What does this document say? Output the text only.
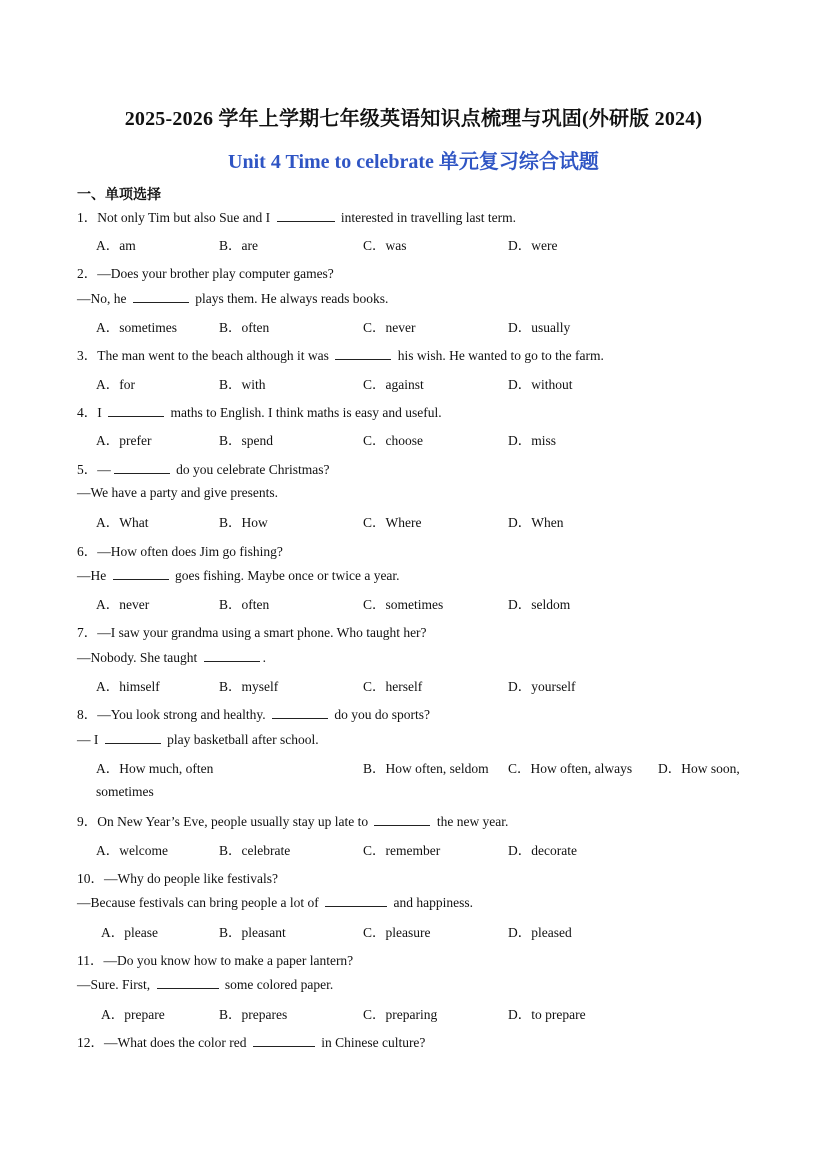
2025-2026 学年上学期七年级英语知识点梳理与巩固(外研版 2024)
Unit 4 Time to celebrate 单元复习综合试题
一、单项选择
1．Not only Tim but also Sue and I	interested in travelling last term.
A．am	B．are	C．was	D．were
2．—Does your brother play computer games?
—No, he	plays them. He always reads books.
A．sometimes	B．often	C．never	D．usually
3．The man went to the beach although it was	his wish. He wanted to go to the farm.
A．for	B．with	C．against	D．without
4．I	maths to English. I think maths is easy and useful.
A．prefer	B．spend	C．choose	D．miss
5．—	do you celebrate Christmas?
—We have a party and give presents.
A．What	B．How	C．Where	D．When
6．—How often does Jim go fishing?
—He	goes fishing. Maybe once or twice a year.
A．never	B．often	C．sometimes	D．seldom
7．—I saw your grandma using a smart phone. Who taught her?
—Nobody. She taught	.
A．himself	B．myself	C．herself	D．yourself
8．—You look strong and healthy.	do you do sports?
— I	play basketball after school.
A．How much, often	B．How often, seldom C．How often, always D．How soon,
sometimes
9．On New Year’s Eve, people usually stay up late to	the new year.
A．welcome	B．celebrate	C．remember	D．decorate
10．—Why do people like festivals?
—Because festivals can bring people a lot of	and happiness.
A．please	B．pleasant	C．pleasure	D．pleased
11．—Do you know how to make a paper lantern?
—Sure. First,	some colored paper.
A．prepare	B．prepares	C．preparing	D．to prepare
12．—What does the color red	in Chinese culture?
